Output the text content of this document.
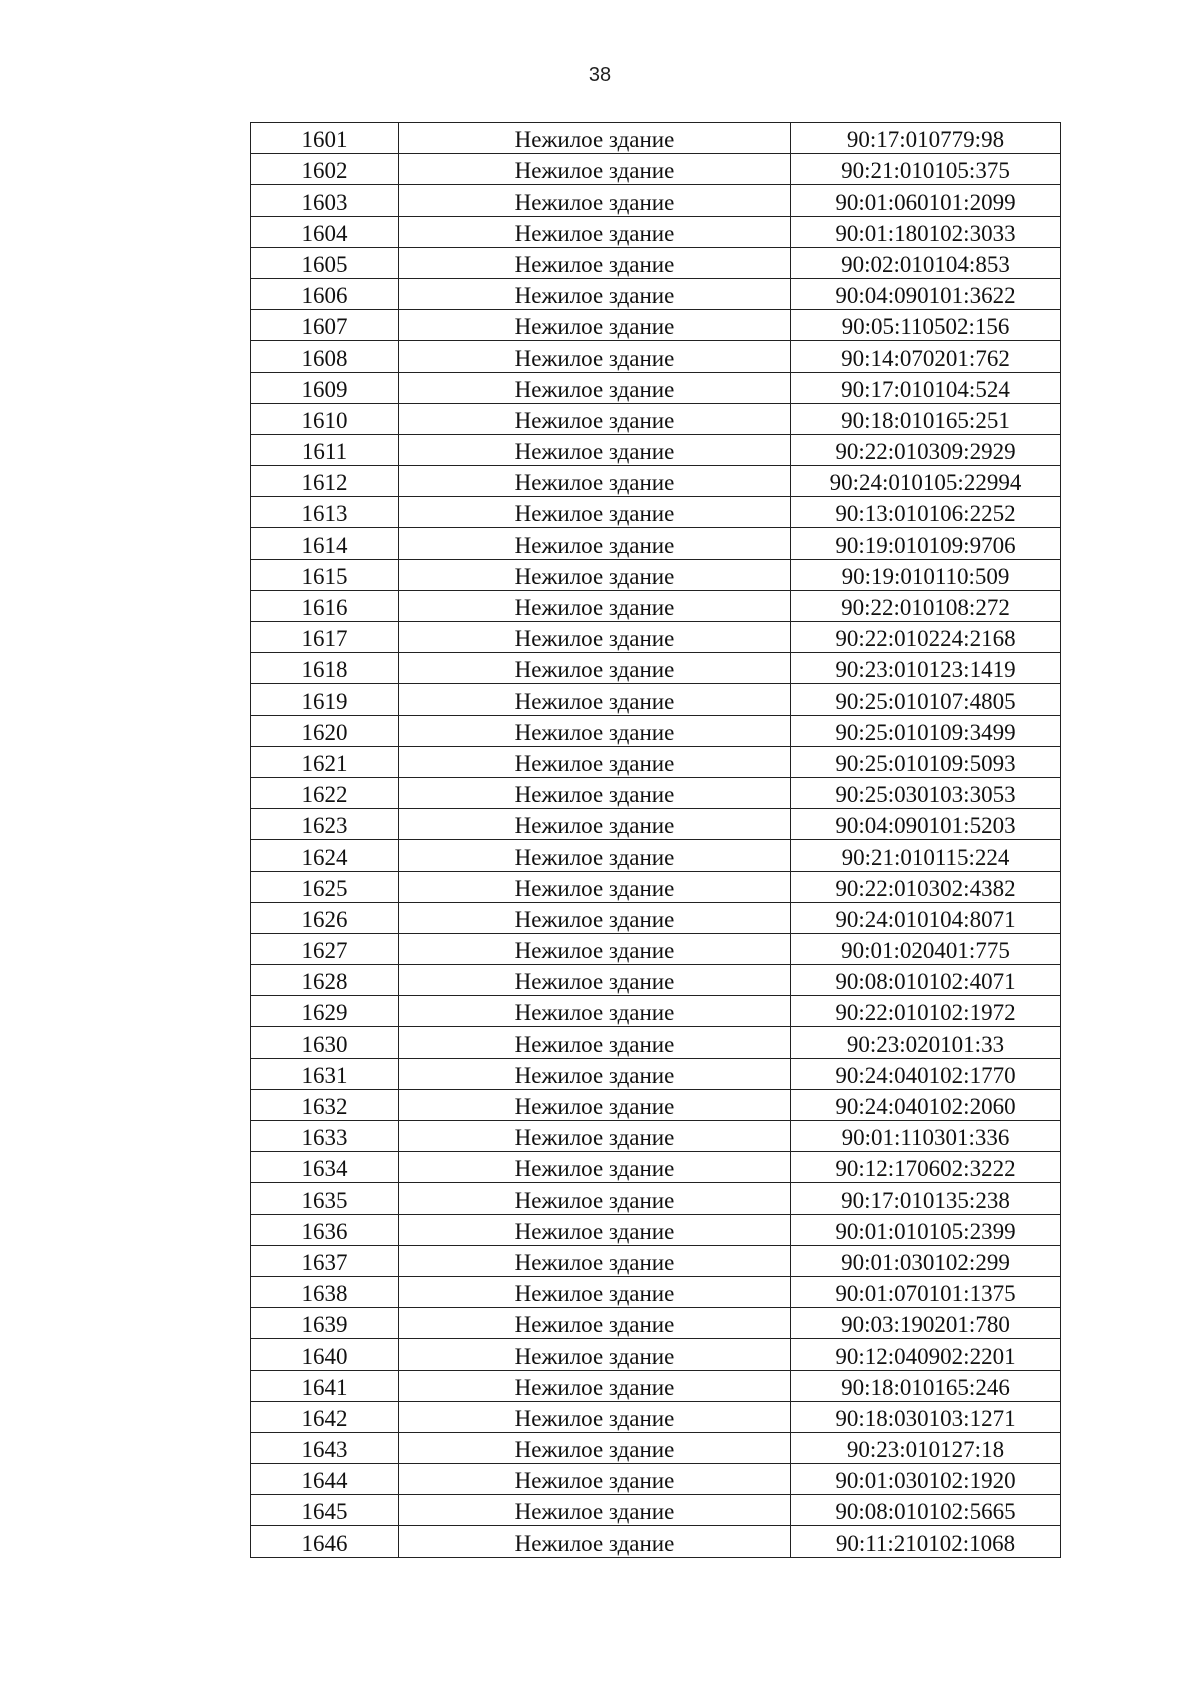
38
1601	Нежилое здание	90:17:010779:98
1602	Нежилое здание	90:21:010105:375
1603	Нежилое здание	90:01:060101:2099
1604	Нежилое здание	90:01:180102:3033
1605	Нежилое здание	90:02:010104:853
1606	Нежилое здание	90:04:090101:3622
1607	Нежилое здание	90:05:110502:156
1608	Нежилое здание	90:14:070201:762
1609	Нежилое здание	90:17:010104:524
1610	Нежилое здание	90:18:010165:251
1611	Нежилое здание	90:22:010309:2929
1612	Нежилое здание	90:24:010105:22994
1613	Нежилое здание	90:13:010106:2252
1614	Нежилое здание	90:19:010109:9706
1615	Нежилое здание	90:19:010110:509
1616	Нежилое здание	90:22:010108:272
1617	Нежилое здание	90:22:010224:2168
1618	Нежилое здание	90:23:010123:1419
1619	Нежилое здание	90:25:010107:4805
1620	Нежилое здание	90:25:010109:3499
1621	Нежилое здание	90:25:010109:5093
1622	Нежилое здание	90:25:030103:3053
1623	Нежилое здание	90:04:090101:5203
1624	Нежилое здание	90:21:010115:224
1625	Нежилое здание	90:22:010302:4382
1626	Нежилое здание	90:24:010104:8071
1627	Нежилое здание	90:01:020401:775
1628	Нежилое здание	90:08:010102:4071
1629	Нежилое здание	90:22:010102:1972
1630	Нежилое здание	90:23:020101:33
1631	Нежилое здание	90:24:040102:1770
1632	Нежилое здание	90:24:040102:2060
1633	Нежилое здание	90:01:110301:336
1634	Нежилое здание	90:12:170602:3222
1635	Нежилое здание	90:17:010135:238
1636	Нежилое здание	90:01:010105:2399
1637	Нежилое здание	90:01:030102:299
1638	Нежилое здание	90:01:070101:1375
1639	Нежилое здание	90:03:190201:780
1640	Нежилое здание	90:12:040902:2201
1641	Нежилое здание	90:18:010165:246
1642	Нежилое здание	90:18:030103:1271
1643	Нежилое здание	90:23:010127:18
1644	Нежилое здание	90:01:030102:1920
1645	Нежилое здание	90:08:010102:5665
1646	Нежилое здание	90:11:210102:1068
